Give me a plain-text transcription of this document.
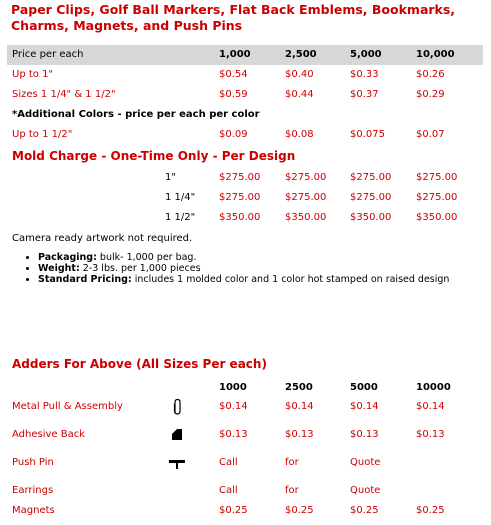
Paper Clips, Golf Ball Markers, Flat Back Emblems, Bookmarks, Charms, Magnets, and Push Pins
Price per each	1,000	2,500	5,000	10,000
Up to 1"	$0.54	$0.40	$0.33	$0.26
Sizes 1 1/4" & 1 1/2"	$0.59	$0.44	$0.37	$0.29
*Additional Colors - price per each per color
Up to 1 1/2"	$0.09	$0.08	$0.075	$0.07
Mold Charge - One-Time Only - Per Design
1"	$275.00 $275.00 $275.00 $275.00
1 1/4" $275.00 $275.00 $275.00 $275.00
1 1/2" $350.00 $350.00 $350.00 $350.00
Camera ready artwork not required.
• Packaging: bulk- 1,000 per bag.
• Weight: 2-3 lbs. per 1,000 pieces
• Standard Pricing: includes 1 molded color and 1 color hot stamped on raised design
Adders For Above (All Sizes Per each)
1000	2500	5000	10000
Metal Pull & Assembly	$0.14	$0.14	$0.14	$0.14
Adhesive Back	$0.13	$0.13	$0.13	$0.13
Push Pin	Call	for	Quote
Earrings	Call	for	Quote
Magnets	$0.25	$0.25	$0.25	$0.25
